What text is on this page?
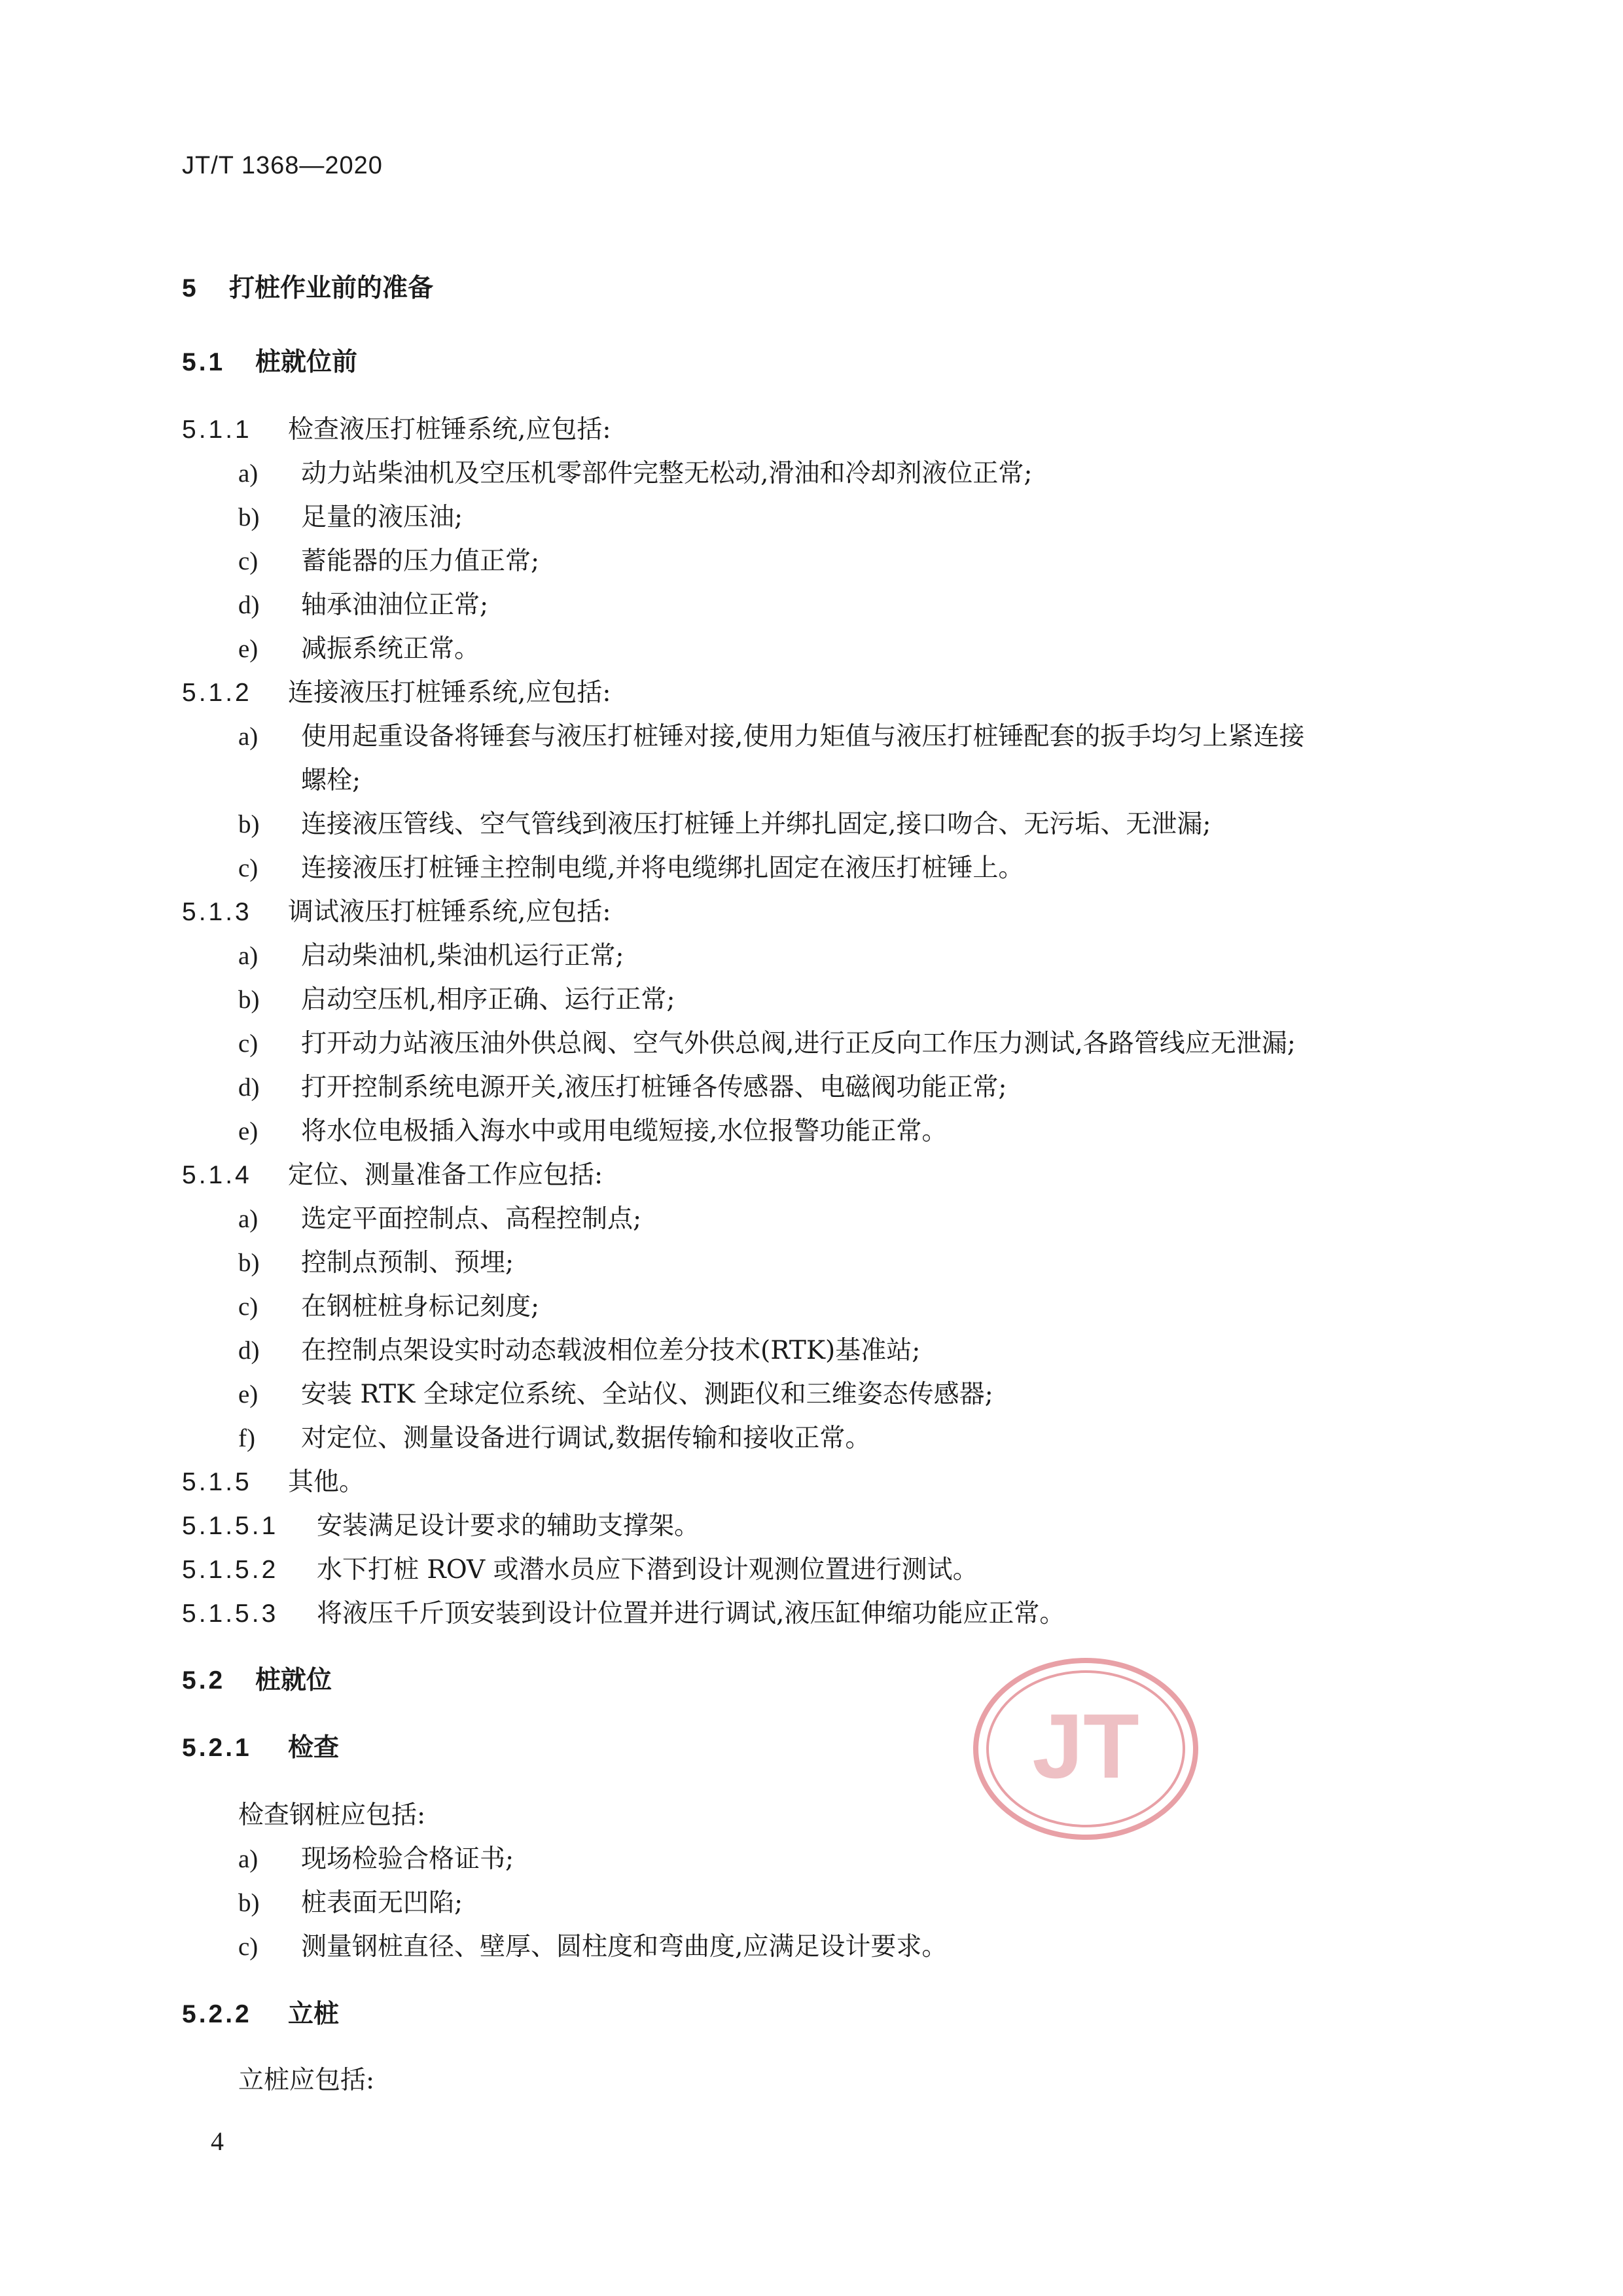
JT/T 1368—2020
5 打桩作业前的准备
5.1 桩就位前
5.1.1 检查液压打桩锤系统,应包括:
a) 动力站柴油机及空压机零部件完整无松动,滑油和冷却剂液位正常;
b) 足量的液压油;
c) 蓄能器的压力值正常;
d) 轴承油油位正常;
e) 减振系统正常。
5.1.2 连接液压打桩锤系统,应包括:
a) 使用起重设备将锤套与液压打桩锤对接,使用力矩值与液压打桩锤配套的扳手均匀上紧连接
螺栓;
b) 连接液压管线、空气管线到液压打桩锤上并绑扎固定,接口吻合、无污垢、无泄漏;
c) 连接液压打桩锤主控制电缆,并将电缆绑扎固定在液压打桩锤上。
5.1.3 调试液压打桩锤系统,应包括:
a) 启动柴油机,柴油机运行正常;
b) 启动空压机,相序正确、运行正常;
c) 打开动力站液压油外供总阀、空气外供总阀,进行正反向工作压力测试,各路管线应无泄漏;
d) 打开控制系统电源开关,液压打桩锤各传感器、电磁阀功能正常;
e) 将水位电极插入海水中或用电缆短接,水位报警功能正常。
5.1.4 定位、测量准备工作应包括:
a) 选定平面控制点、高程控制点;
b) 控制点预制、预埋;
c) 在钢桩桩身标记刻度;
d) 在控制点架设实时动态载波相位差分技术(RTK)基准站;
e) 安装 RTK 全球定位系统、全站仪、测距仪和三维姿态传感器;
f) 对定位、测量设备进行调试,数据传输和接收正常。
5.1.5 其他。
5.1.5.1 安装满足设计要求的辅助支撑架。
5.1.5.2 水下打桩 ROV 或潜水员应下潜到设计观测位置进行测试。
5.1.5.3 将液压千斤顶安装到设计位置并进行调试,液压缸伸缩功能应正常。
5.2 桩就位
5.2.1 检查
检查钢桩应包括:
a) 现场检验合格证书;
b) 桩表面无凹陷;
c) 测量钢桩直径、壁厚、圆柱度和弯曲度,应满足设计要求。
5.2.2 立桩
立桩应包括:
JT
4
